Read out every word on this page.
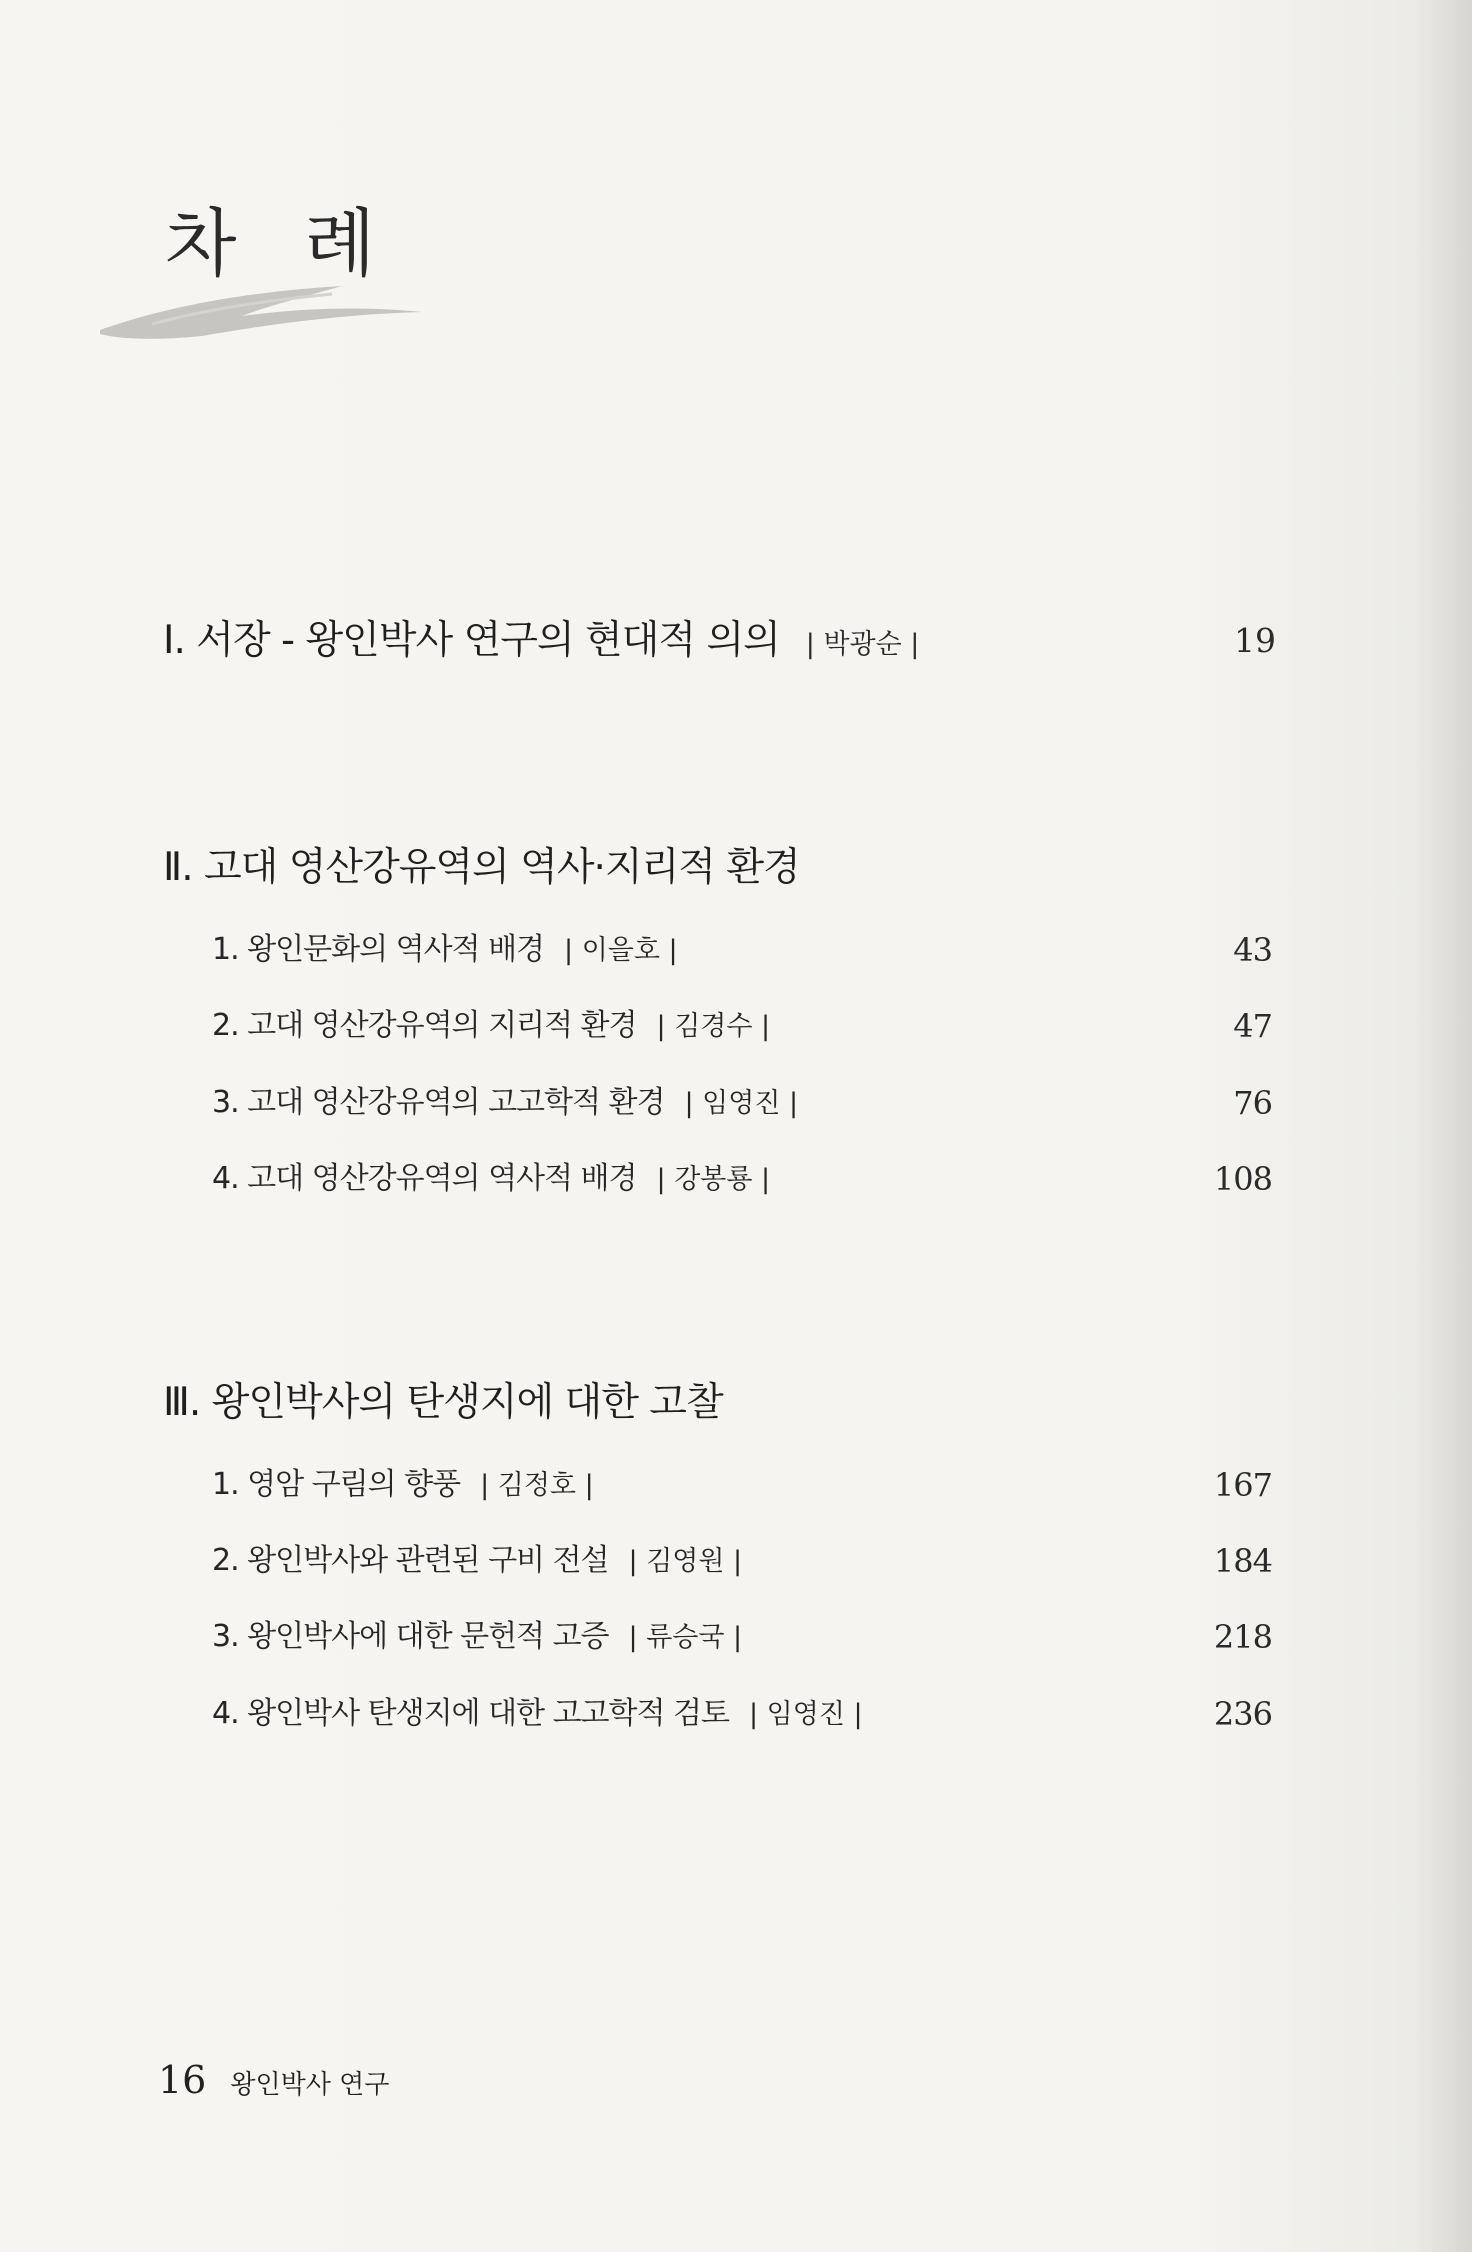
차 례
Ⅰ. 서장 - 왕인박사 연구의 현대적 의의 | 박광순 |	19
Ⅱ. 고대 영산강유역의 역사·지리적 환경
1. 왕인문화의 역사적 배경 | 이을호 |	43
2. 고대 영산강유역의 지리적 환경 | 김경수 |	47
3. 고대 영산강유역의 고고학적 환경 | 임영진 |	76
4. 고대 영산강유역의 역사적 배경 | 강봉룡 |	108
Ⅲ. 왕인박사의 탄생지에 대한 고찰
1. 영암 구림의 향풍 | 김정호 |	167
2. 왕인박사와 관련된 구비 전설 | 김영원 |	184
3. 왕인박사에 대한 문헌적 고증 | 류승국 |	218
4. 왕인박사 탄생지에 대한 고고학적 검토 | 임영진 |	236
16 왕인박사 연구
